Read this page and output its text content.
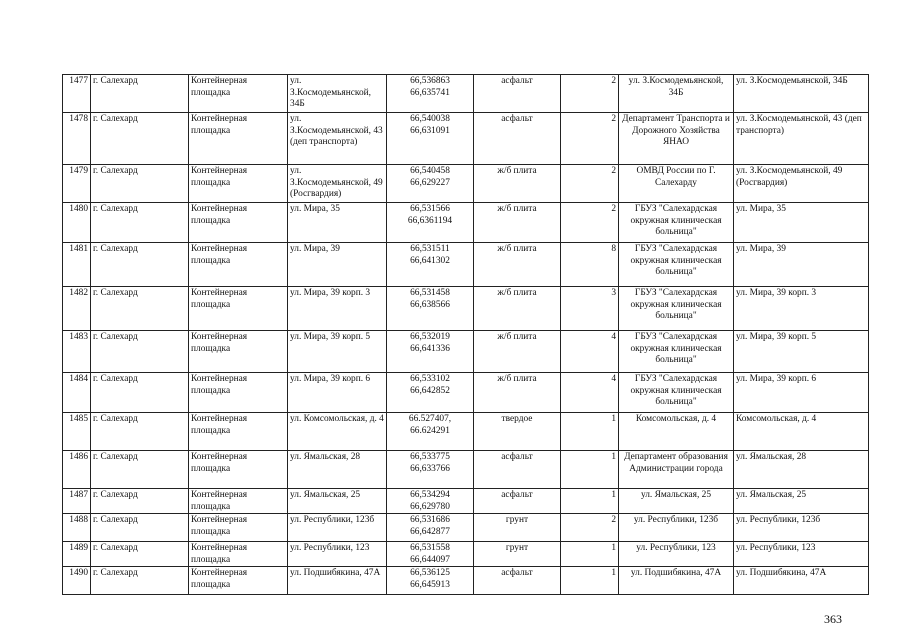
1477	г. Салехард	Контейнерная площадка	ул. З.Космодемьянской, 34Б	66,536863
66,635741	асфальт	2	ул. З.Космодемьянской, 34Б	ул. З.Космодемьянской, 34Б
1478	г. Салехард	Контейнерная площадка	ул. З.Космодемьянской, 43 (деп транспорта)	66,540038
66,631091	асфальт	2	Департамент Транспорта и Дорожного Хозяйства ЯНАО	ул. З.Космодемьянской, 43 (деп транспорта)
1479	г. Салехард	Контейнерная площадка	ул. З.Космодемьянской, 49 (Росгвардия)	66,540458
66,629227	ж/б плита	2	ОМВД России по Г. Салехарду	ул. З.Космодемьянской, 49 (Росгвардия)
1480	г. Салехард	Контейнерная площадка	ул. Мира, 35	66,531566
66,6361194	ж/б плита	2	ГБУЗ "Салехардская окружная клиническая больница"	ул. Мира, 35
1481	г. Салехард	Контейнерная площадка	ул. Мира, 39	66,531511
66,641302	ж/б плита	8	ГБУЗ "Салехардская окружная клиническая больница"	ул. Мира, 39
1482	г. Салехард	Контейнерная площадка	ул. Мира, 39 корп. 3	66,531458
66,638566	ж/б плита	3	ГБУЗ "Салехардская окружная клиническая больница"	ул. Мира, 39 корп. 3
1483	г. Салехард	Контейнерная площадка	ул. Мира, 39 корп. 5	66,532019
66,641336	ж/б плита	4	ГБУЗ "Салехардская окружная клиническая больница"	ул. Мира, 39 корп. 5
1484	г. Салехард	Контейнерная площадка	ул. Мира, 39 корп. 6	66,533102
66,642852	ж/б плита	4	ГБУЗ "Салехардская окружная клиническая больница"	ул. Мира, 39 корп. 6
1485	г. Салехард	Контейнерная площадка	ул. Комсомольская, д. 4	66.527407,
66.624291	твердое	1	Комсомольская, д. 4	Комсомольская, д. 4
1486	г. Салехард	Контейнерная площадка	ул. Ямальская, 28	66,533775
66,633766	асфальт	1	Департамент образования Администрации города	ул. Ямальская, 28
1487	г. Салехард	Контейнерная площадка	ул. Ямальская, 25	66,534294
66,629780	асфальт	1	ул. Ямальская, 25	ул. Ямальская, 25
1488	г. Салехард	Контейнерная площадка	ул. Республики, 123б	66,531686
66,642877	грунт	2	ул. Республики, 123б	ул. Республики, 123б
1489	г. Салехард	Контейнерная площадка	ул. Республики, 123	66,531558
66,644097	грунт	1	ул. Республики, 123	ул. Республики, 123
1490	г. Салехард	Контейнерная площадка	ул. Подшибякина, 47А	66,536125
66,645913	асфальт	1	ул. Подшибякина, 47А	ул. Подшибякина, 47А
363
